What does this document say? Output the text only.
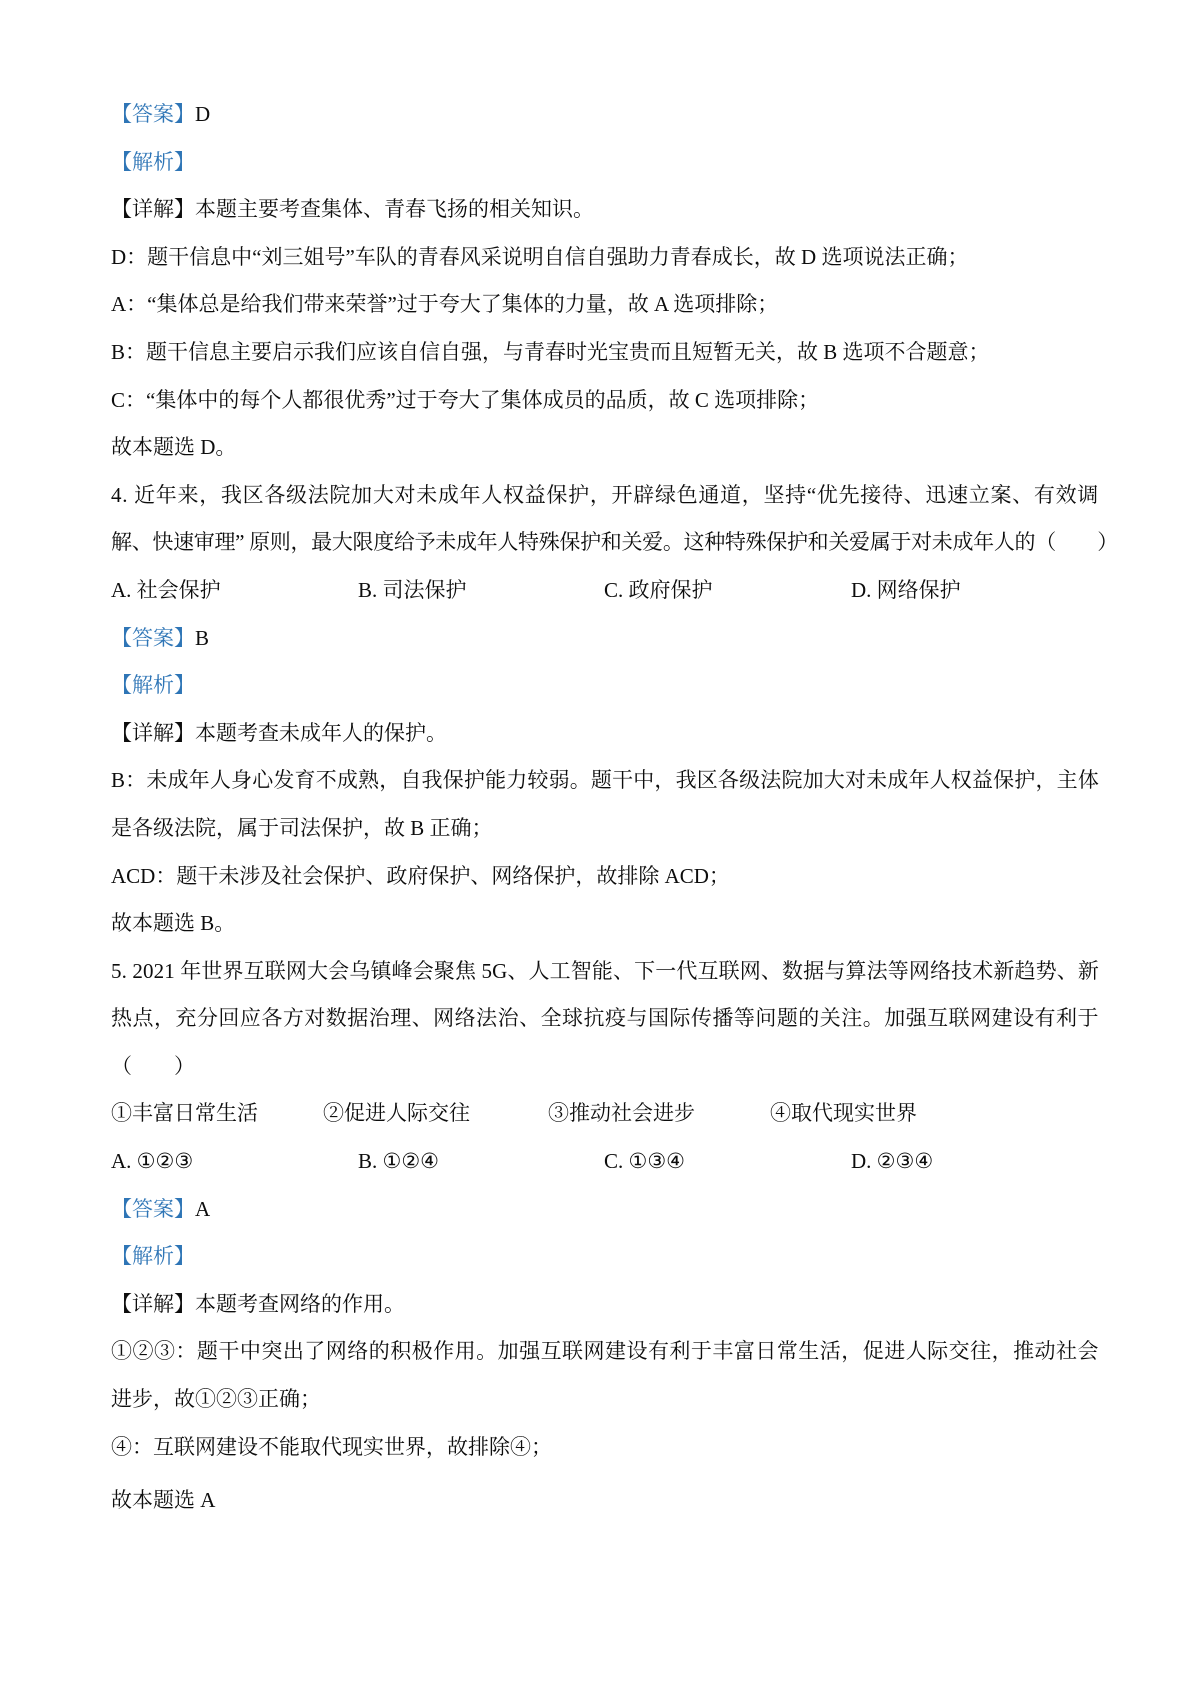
【答案】D
【解析】
【详解】本题主要考查集体、青春飞扬的相关知识。
D：题干信息中“刘三姐号”车队的青春风采说明自信自强助力青春成长，故 D 选项说法正确；
A：“集体总是给我们带来荣誉”过于夸大了集体的力量，故 A 选项排除；
B：题干信息主要启示我们应该自信自强，与青春时光宝贵而且短暂无关，故 B 选项不合题意；
C：“集体中的每个人都很优秀”过于夸大了集体成员的品质，故 C 选项排除；
故本题选 D。
4. 近年来，我区各级法院加大对未成年人权益保护，开辟绿色通道，坚持“优先接待、迅速立案、有效调
解、快速审理” 原则，最大限度给予未成年人特殊保护和关爱。这种特殊保护和关爱属于对未成年人的（　　）
A. 社会保护	B. 司法保护	C. 政府保护	D. 网络保护
【答案】B
【解析】
【详解】本题考查未成年人的保护。
B：未成年人身心发育不成熟，自我保护能力较弱。题干中，我区各级法院加大对未成年人权益保护，主体
是各级法院，属于司法保护，故 B 正确；
ACD：题干未涉及社会保护、政府保护、网络保护，故排除 ACD；
故本题选 B。
5. 2021 年世界互联网大会乌镇峰会聚焦 5G、人工智能、下一代互联网、数据与算法等网络技术新趋势、新
热点，充分回应各方对数据治理、网络法治、全球抗疫与国际传播等问题的关注。加强互联网建设有利于
（　　）
①丰富日常生活	②促进人际交往	③推动社会进步	④取代现实世界
A. ①②③	B. ①②④	C. ①③④	D. ②③④
【答案】A
【解析】
【详解】本题考查网络的作用。
①②③：题干中突出了网络的积极作用。加强互联网建设有利于丰富日常生活，促进人际交往，推动社会
进步，故①②③正确；
④：互联网建设不能取代现实世界，故排除④；
故本题选 A
